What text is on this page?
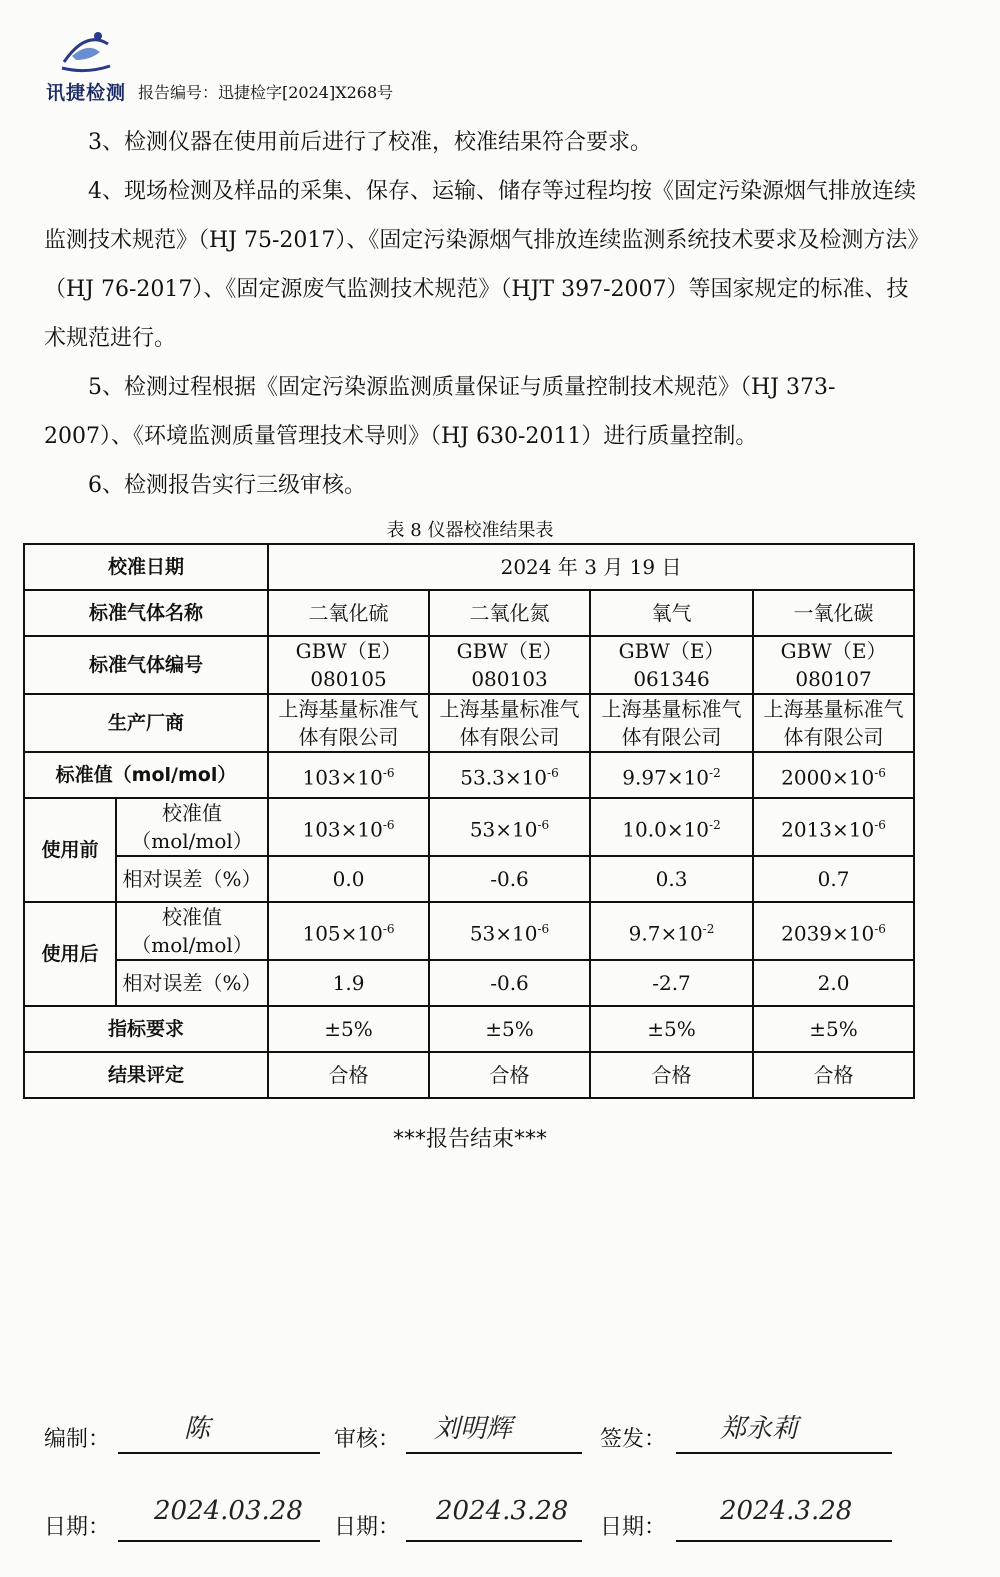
讯捷检测 报告编号：迅捷检字[2024]X268号

3、检测仪器在使用前后进行了校准，校准结果符合要求。

4、现场检测及样品的采集、保存、运输、储存等过程均按《固定污染源烟气排放连续监测技术规范》（HJ 75-2017）、《固定污染源烟气排放连续监测系统技术要求及检测方法》（HJ 76-2017）、《固定源废气监测技术规范》（HJT 397-2007）等国家规定的标准、技术规范进行。

5、检测过程根据《固定污染源监测质量保证与质量控制技术规范》（HJ 373-2007）、《环境监测质量管理技术导则》（HJ 630-2011）进行质量控制。

6、检测报告实行三级审核。

表 8 仪器校准结果表
校准日期		2024 年 3 月 19 日			
标准气体名称		二氧化硫	二氧化氮	氧气	一氧化碳
标准气体编号		GBW（E）080105	GBW（E）080103	GBW（E）061346	GBW（E）080107
生产厂商		上海基量标准气体有限公司	上海基量标准气体有限公司	上海基量标准气体有限公司	上海基量标准气体有限公司
标准值（mol/mol）		$103\times 10^{-6}$	$53.3\times 10^{-6}$	$9.97\times 10^{-2}$	$2000\times 10^{-6}$
使用前	校准值（mol/mol）	$103\times 10^{-6}$	$53\times 10^{-6}$	$10.0\times 10^{-2}$	$2013\times 10^{-6}$
	相对误差（%）	0.0	-0.6	0.3	0.7
使用后	校准值（mol/mol）	$105\times 10^{-6}$	$53\times 10^{-6}$	$9.7\times 10^{-2}$	$2039\times 10^{-6}$
	相对误差（%）	1.9	-0.6	-2.7	2.0
指标要求		±5%	±5%	±5%	±5%
结果评定		合格	合格	合格	合格
***报告结束***
编制：	陈	审核： 刘明辉	签发： 郑永莉
日期：
2024.03.28
日期：
2024.3.28
日期：
2024.3.28
